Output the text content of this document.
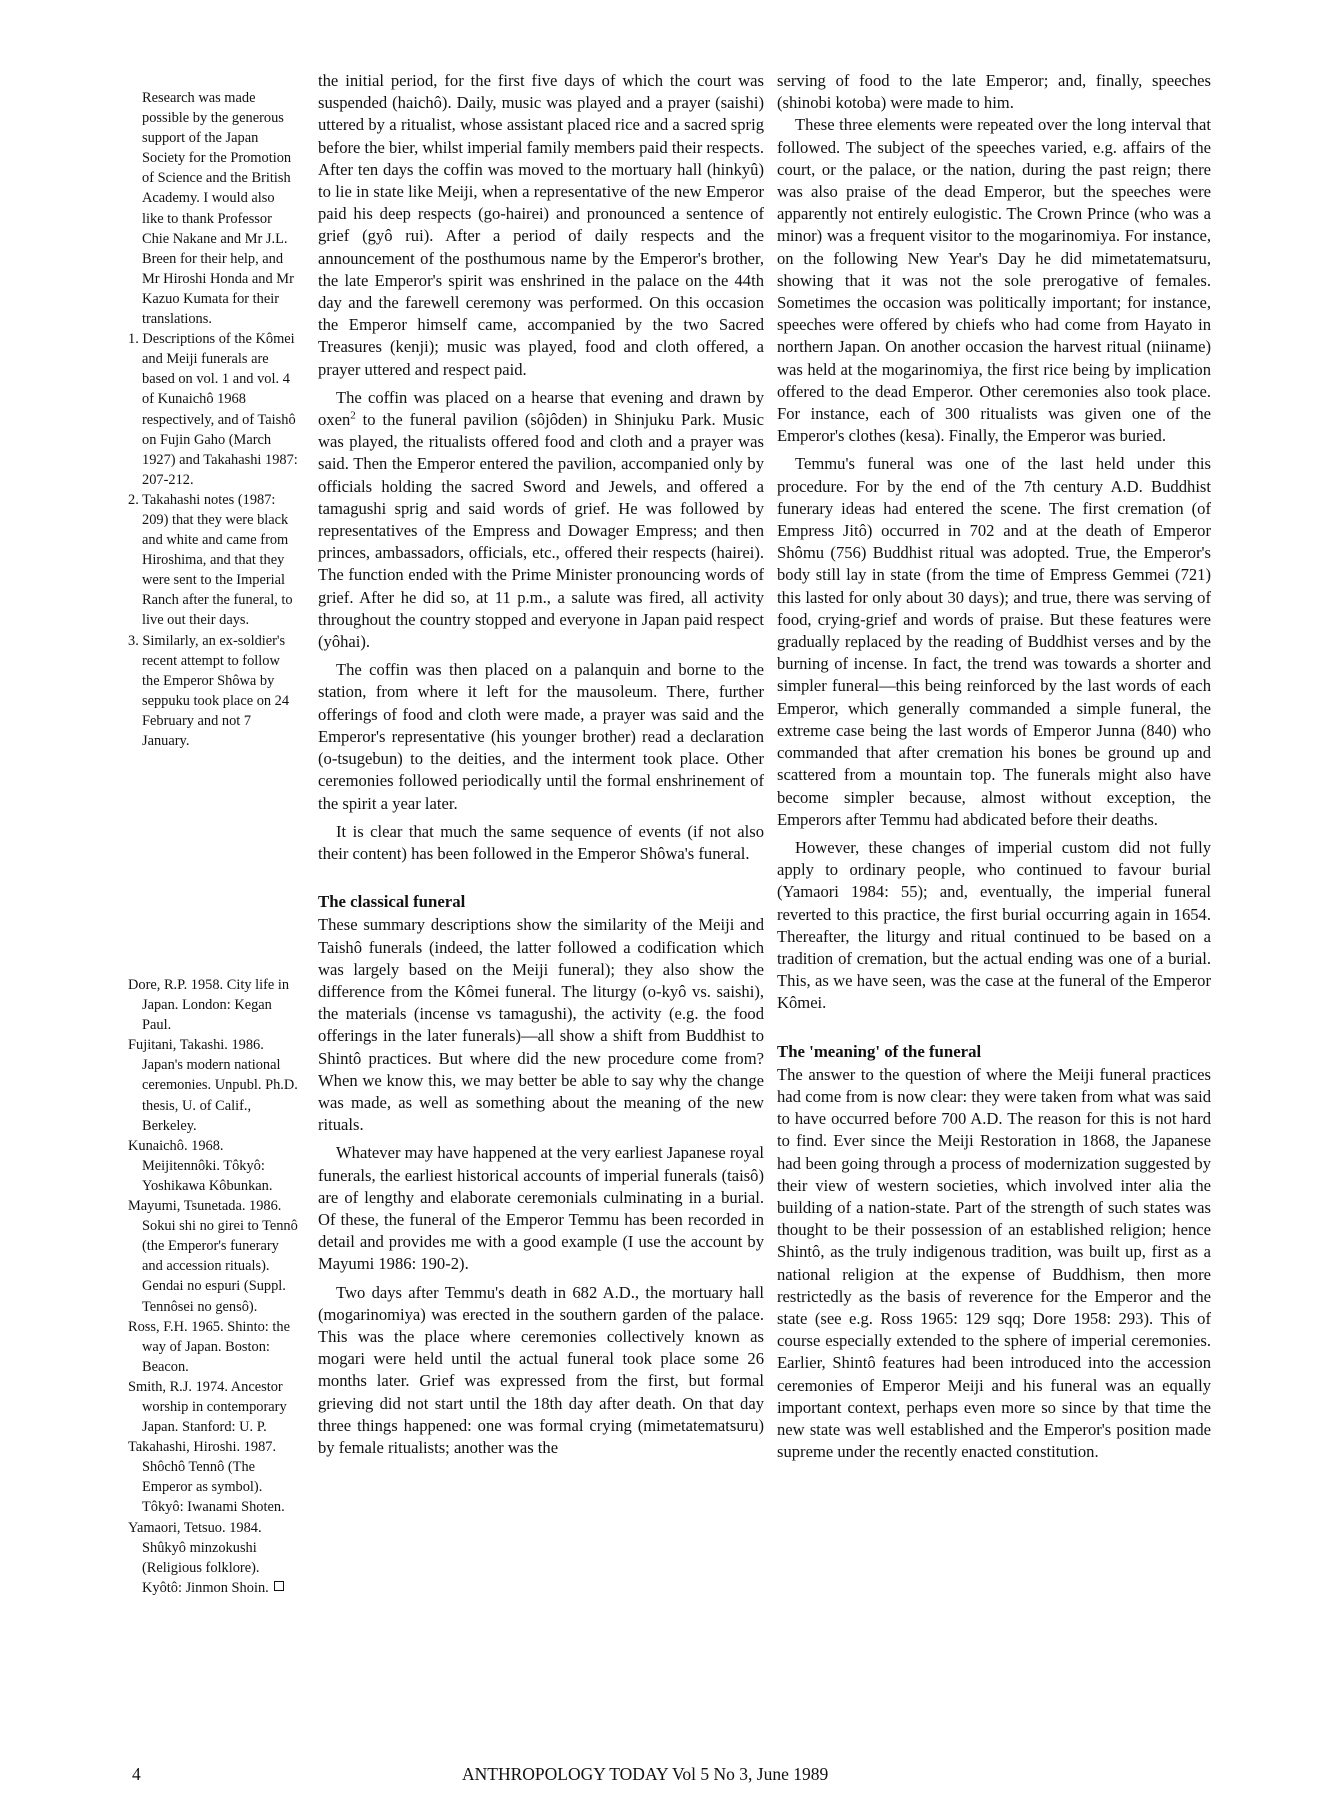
Research was made possible by the generous support of the Japan Society for the Promotion of Science and the British Academy. I would also like to thank Professor Chie Nakane and Mr J.L. Breen for their help, and Mr Hiroshi Honda and Mr Kazuo Kumata for their translations.

1. Descriptions of the Kômei and Meiji funerals are based on vol. 1 and vol. 4 of Kunaichô 1968 respectively, and of Taishô on Fujin Gaho (March 1927) and Takahashi 1987: 207-212.

2. Takahashi notes (1987: 209) that they were black and white and came from Hiroshima, and that they were sent to the Imperial Ranch after the funeral, to live out their days.

3. Similarly, an ex-soldier's recent attempt to follow the Emperor Shôwa by seppuku took place on 24 February and not 7 January.

Dore, R.P. 1958. City life in Japan. London: Kegan Paul.

Fujitani, Takashi. 1986. Japan's modern national ceremonies. Unpubl. Ph.D. thesis, U. of Calif., Berkeley.

Kunaichô. 1968. Meijitennôki. Tôkyô: Yoshikawa Kôbunkan.

Mayumi, Tsunetada. 1986. Sokui shi no girei to Tennô (the Emperor's funerary and accession rituals). Gendai no espuri (Suppl. Tennôsei no gensô).

Ross, F.H. 1965. Shinto: the way of Japan. Boston: Beacon.

Smith, R.J. 1974. Ancestor worship in contemporary Japan. Stanford: U. P.

Takahashi, Hiroshi. 1987. Shôchô Tennô (The Emperor as symbol). Tôkyô: Iwanami Shoten.

Yamaori, Tetsuo. 1984. Shûkyô minzokushi (Religious folklore). Kyôtô: Jinmon Shoin.

the initial period, for the first five days of which the court was suspended (haichô). Daily, music was played and a prayer (saishi) uttered by a ritualist, whose assistant placed rice and a sacred sprig before the bier, whilst imperial family members paid their respects. After ten days the coffin was moved to the mortuary hall (hinkyû) to lie in state like Meiji, when a representative of the new Emperor paid his deep respects (go-hairei) and pronounced a sentence of grief (gyô rui). After a period of daily respects and the announcement of the posthumous name by the Emperor's brother, the late Emperor's spirit was enshrined in the palace on the 44th day and the farewell ceremony was performed. On this occasion the Emperor himself came, accompanied by the two Sacred Treasures (kenji); music was played, food and cloth offered, a prayer uttered and respect paid.

The coffin was placed on a hearse that evening and drawn by oxen$^2$ to the funeral pavilion (sôjôden) in Shinjuku Park. Music was played, the ritualists offered food and cloth and a prayer was said. Then the Emperor entered the pavilion, accompanied only by officials holding the sacred Sword and Jewels, and offered a tamagushi sprig and said words of grief. He was followed by representatives of the Empress and Dowager Empress; and then princes, ambassadors, officials, etc., offered their respects (hairei). The function ended with the Prime Minister pronouncing words of grief. After he did so, at 11 p.m., a salute was fired, all activity throughout the country stopped and everyone in Japan paid respect (yôhai).

The coffin was then placed on a palanquin and borne to the station, from where it left for the mausoleum. There, further offerings of food and cloth were made, a prayer was said and the Emperor's representative (his younger brother) read a declaration (o-tsugebun) to the deities, and the interment took place. Other ceremonies followed periodically until the formal enshrinement of the spirit a year later.

It is clear that much the same sequence of events (if not also their content) has been followed in the Emperor Shôwa's funeral.

The classical funeral

These summary descriptions show the similarity of the Meiji and Taishô funerals (indeed, the latter followed a codification which was largely based on the Meiji funeral); they also show the difference from the Kômei funeral. The liturgy (o-kyô vs. saishi), the materials (incense vs tamagushi), the activity (e.g. the food offerings in the later funerals)—all show a shift from Buddhist to Shintô practices. But where did the new procedure come from? When we know this, we may better be able to say why the change was made, as well as something about the meaning of the new rituals.

Whatever may have happened at the very earliest Japanese royal funerals, the earliest historical accounts of imperial funerals (taisô) are of lengthy and elaborate ceremonials culminating in a burial. Of these, the funeral of the Emperor Temmu has been recorded in detail and provides me with a good example (I use the account by Mayumi 1986: 190-2).

Two days after Temmu's death in 682 A.D., the mortuary hall (mogarinomiya) was erected in the southern garden of the palace. This was the place where ceremonies collectively known as mogari were held until the actual funeral took place some 26 months later. Grief was expressed from the first, but formal grieving did not start until the 18th day after death. On that day three things happened: one was formal crying (mimetatematsuru) by female ritualists; another was the

serving of food to the late Emperor; and, finally, speeches (shinobi kotoba) were made to him.

These three elements were repeated over the long interval that followed. The subject of the speeches varied, e.g. affairs of the court, or the palace, or the nation, during the past reign; there was also praise of the dead Emperor, but the speeches were apparently not entirely eulogistic. The Crown Prince (who was a minor) was a frequent visitor to the mogarinomiya. For instance, on the following New Year's Day he did mimetatematsuru, showing that it was not the sole prerogative of females. Sometimes the occasion was politically important; for instance, speeches were offered by chiefs who had come from Hayato in northern Japan. On another occasion the harvest ritual (niiname) was held at the mogarinomiya, the first rice being by implication offered to the dead Emperor. Other ceremonies also took place. For instance, each of 300 ritualists was given one of the Emperor's clothes (kesa). Finally, the Emperor was buried.

Temmu's funeral was one of the last held under this procedure. For by the end of the 7th century A.D. Buddhist funerary ideas had entered the scene. The first cremation (of Empress Jitô) occurred in 702 and at the death of Emperor Shômu (756) Buddhist ritual was adopted. True, the Emperor's body still lay in state (from the time of Empress Gemmei (721) this lasted for only about 30 days); and true, there was serving of food, crying-grief and words of praise. But these features were gradually replaced by the reading of Buddhist verses and by the burning of incense. In fact, the trend was towards a shorter and simpler funeral—this being reinforced by the last words of each Emperor, which generally commanded a simple funeral, the extreme case being the last words of Emperor Junna (840) who commanded that after cremation his bones be ground up and scattered from a mountain top. The funerals might also have become simpler because, almost without exception, the Emperors after Temmu had abdicated before their deaths.

However, these changes of imperial custom did not fully apply to ordinary people, who continued to favour burial (Yamaori 1984: 55); and, eventually, the imperial funeral reverted to this practice, the first burial occurring again in 1654. Thereafter, the liturgy and ritual continued to be based on a tradition of cremation, but the actual ending was one of a burial. This, as we have seen, was the case at the funeral of the Emperor Kômei.

The 'meaning' of the funeral

The answer to the question of where the Meiji funeral practices had come from is now clear: they were taken from what was said to have occurred before 700 A.D. The reason for this is not hard to find. Ever since the Meiji Restoration in 1868, the Japanese had been going through a process of modernization suggested by their view of western societies, which involved inter alia the building of a nation-state. Part of the strength of such states was thought to be their possession of an established religion; hence Shintô, as the truly indigenous tradition, was built up, first as a national religion at the expense of Buddhism, then more restrictedly as the basis of reverence for the Emperor and the state (see e.g. Ross 1965: 129 sqq; Dore 1958: 293). This of course especially extended to the sphere of imperial ceremonies. Earlier, Shintô features had been introduced into the accession ceremonies of Emperor Meiji and his funeral was an equally important context, perhaps even more so since by that time the new state was well established and the Emperor's position made supreme under the recently enacted constitution.

4	ANTHROPOLOGY TODAY Vol 5 No 3, June 1989
